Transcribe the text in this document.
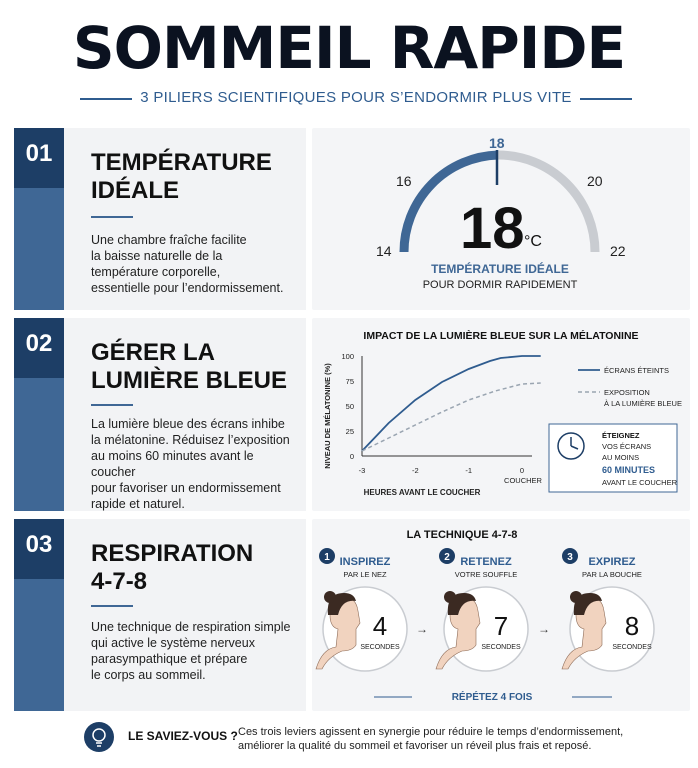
SOMMEIL RAPIDE
3 PILIERS SCIENTIFIQUES POUR S’ENDORMIR PLUS VITE
01	TEMPÉRATURE
IDÉALE
Une chambre fraîche facilite
la baisse naturelle de la
température corporelle,
essentielle pour l’endormissement.
14
16
18
20
22
18 °C
TEMPÉRATURE IDÉALE
POUR DORMIR RAPIDEMENT
02	GÉRER LA
LUMIÈRE BLEUE
La lumière bleue des écrans inhibe
la mélatonine. Réduisez l’exposition
au moins 60 minutes avant le coucher
pour favoriser un endormissement
rapide et naturel.
IMPACT DE LA LUMIÈRE BLEUE SUR LA MÉLATONINE
NIVEAU DE MÉLATONINE (%) 0
25
50
75
100
-3	-2	-1	0
COUCHER
HEURES AVANT LE COUCHER
ÉCRANS ÉTEINTS
EXPOSITION
À LA LUMIÈRE BLEUE
ÉTEIGNEZ
VOS ÉCRANS
AU MOINS
60 MINUTES
AVANT LE COUCHER
03	RESPIRATION
4-7-8
Une technique de respiration simple
qui active le système nerveux
parasympathique et prépare
le corps au sommeil.
LA TECHNIQUE 4-7-8
1 INSPIREZ
PAR LE NEZ
4
SECONDES
→
2 RETENEZ
VOTRE SOUFFLE
7
SECONDES
→
3 EXPIREZ
PAR LA BOUCHE
8
SECONDES
RÉPÉTEZ 4 FOIS
LE SAVIEZ-VOUS ? Ces trois leviers agissent en synergie pour réduire le temps d’endormissement,
améliorer la qualité du sommeil et favoriser un réveil plus frais et reposé.
